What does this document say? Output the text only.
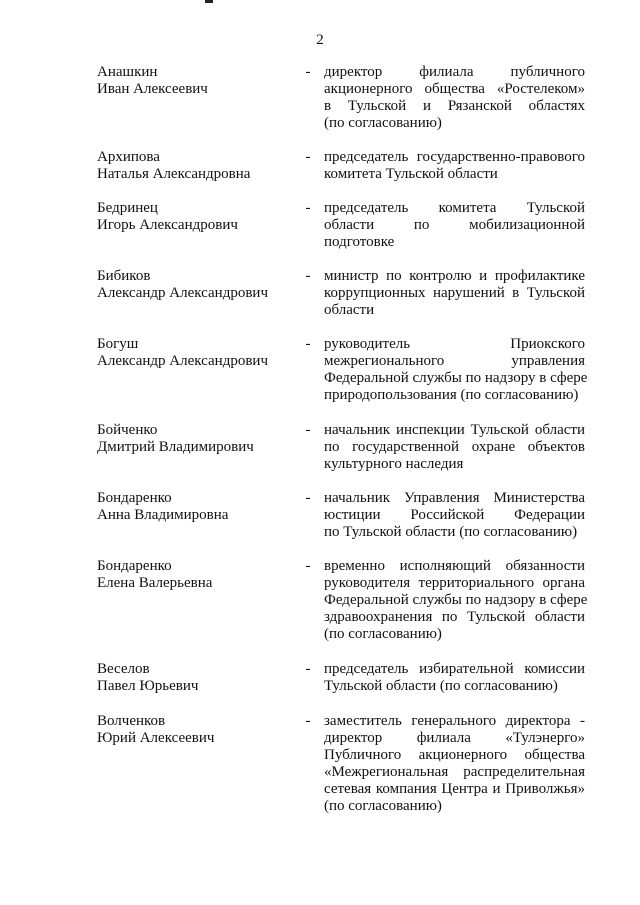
2
Анашкин
Иван Алексеевич
- директор филиала публичного
акционерного общества «Ростелеком»
в Тульской и Рязанской областях
(по согласованию)
Архипова
Наталья Александровна
- председатель государственно-правового
комитета Тульской области
Бедринец
Игорь Александрович
- председатель комитета Тульской
области по мобилизационной
подготовке
Бибиков
Александр Александрович
- министр по контролю и профилактике
коррупционных нарушений в Тульской
области
Богуш
Александр Александрович
- руководитель Приокского
межрегионального управления
Федеральной службы по надзору в сфере
природопользования (по согласованию)
Бойченко
Дмитрий Владимирович
- начальник инспекции Тульской области
по государственной охране объектов
культурного наследия
Бондаренко
Анна Владимировна
- начальник Управления Министерства
юстиции Российской Федерации
по Тульской области (по согласованию)
Бондаренко
Елена Валерьевна
- временно исполняющий обязанности
руководителя территориального органа
Федеральной службы по надзору в сфере
здравоохранения по Тульской области
(по согласованию)
Веселов
Павел Юрьевич
- председатель избирательной комиссии
Тульской области (по согласованию)
Волченков
Юрий Алексеевич
- заместитель генерального директора -
директор филиала «Тулэнерго»
Публичного акционерного общества
«Межрегиональная распределительная
сетевая компания Центра и Приволжья»
(по согласованию)
